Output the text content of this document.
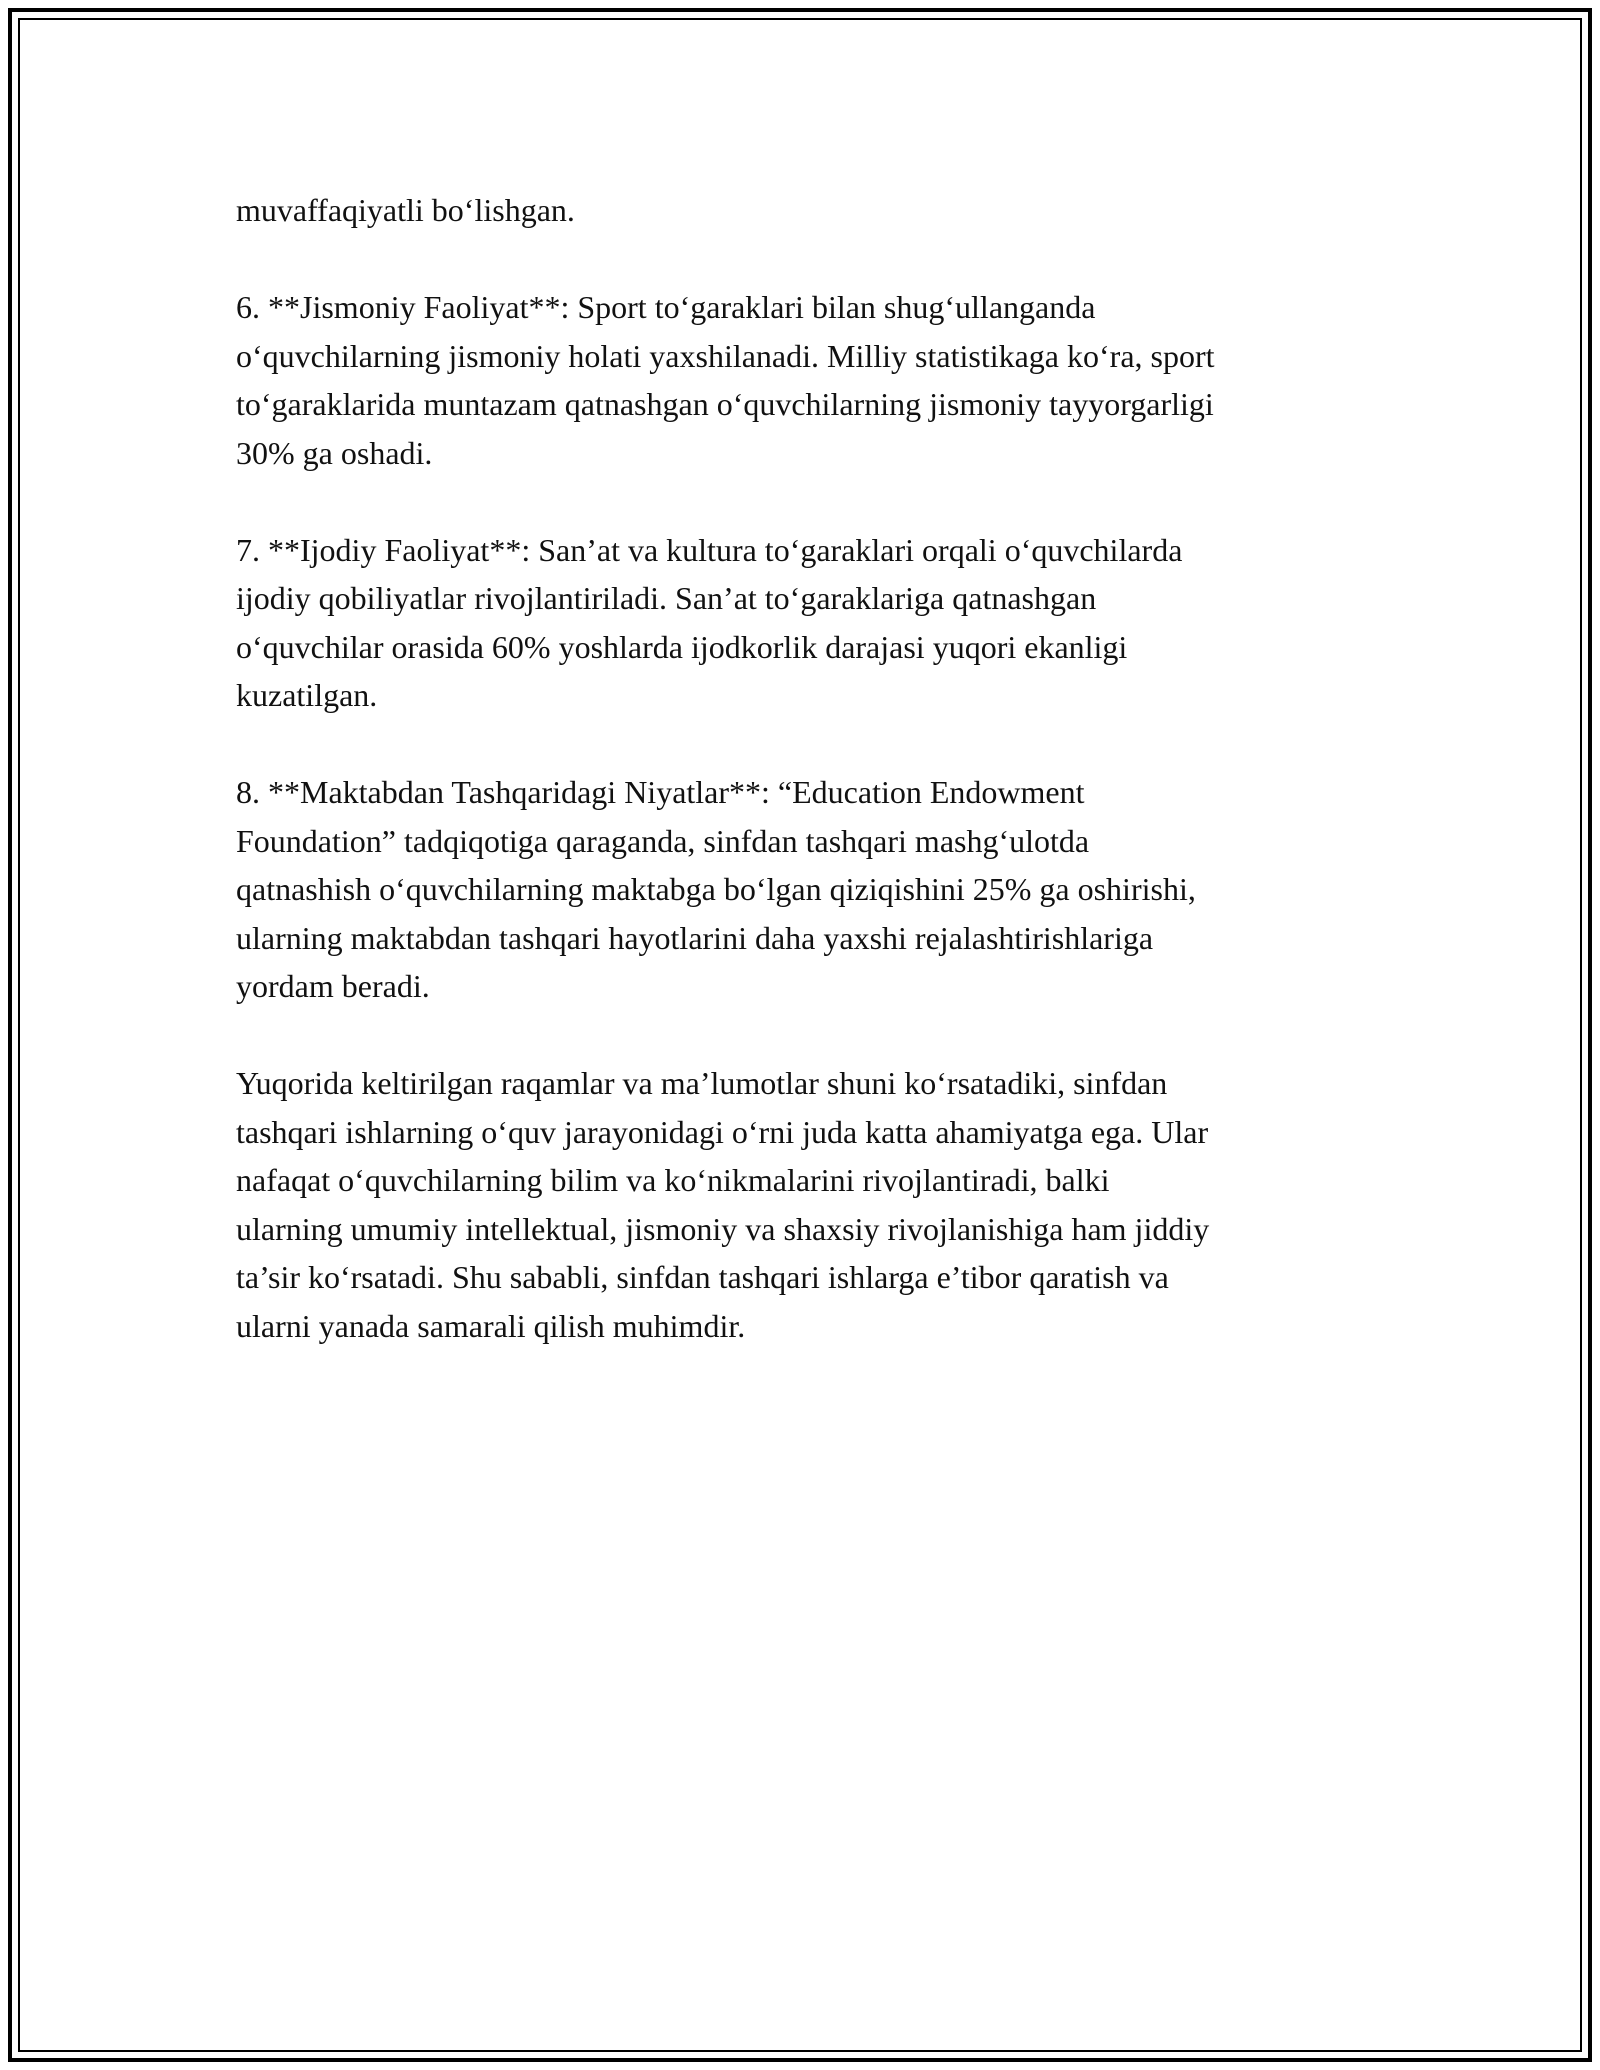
muvaffaqiyatli bo‘lishgan.

6. **Jismoniy Faoliyat**: Sport to‘garaklari bilan shug‘ullanganda
o‘quvchilarning jismoniy holati yaxshilanadi. Milliy statistikaga ko‘ra, sport
to‘garaklarida muntazam qatnashgan o‘quvchilarning jismoniy tayyorgarligi
30% ga oshadi.

7. **Ijodiy Faoliyat**: San’at va kultura to‘garaklari orqali o‘quvchilarda
ijodiy qobiliyatlar rivojlantiriladi. San’at to‘garaklariga qatnashgan
o‘quvchilar orasida 60% yoshlarda ijodkorlik darajasi yuqori ekanligi
kuzatilgan.

8. **Maktabdan Tashqaridagi Niyatlar**: “Education Endowment
Foundation” tadqiqotiga qaraganda, sinfdan tashqari mashg‘ulotda
qatnashish o‘quvchilarning maktabga bo‘lgan qiziqishini 25% ga oshirishi,
ularning maktabdan tashqari hayotlarini daha yaxshi rejalashtirishlariga
yordam beradi.

Yuqorida keltirilgan raqamlar va ma’lumotlar shuni ko‘rsatadiki, sinfdan
tashqari ishlarning o‘quv jarayonidagi o‘rni juda katta ahamiyatga ega. Ular
nafaqat o‘quvchilarning bilim va ko‘nikmalarini rivojlantiradi, balki
ularning umumiy intellektual, jismoniy va shaxsiy rivojlanishiga ham jiddiy
ta’sir ko‘rsatadi. Shu sababli, sinfdan tashqari ishlarga e’tibor qaratish va
ularni yanada samarali qilish muhimdir.
